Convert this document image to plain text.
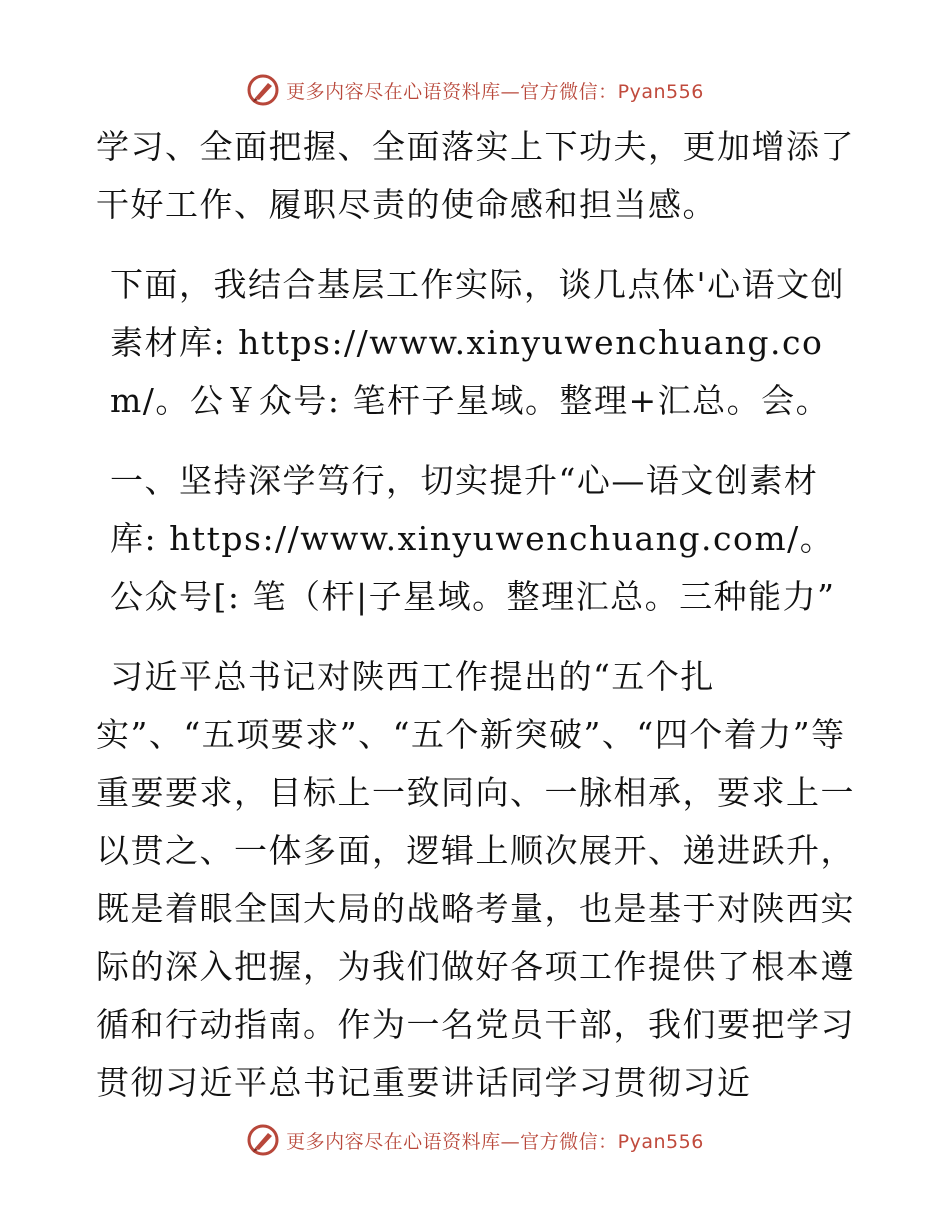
更多内容尽在心语资料库—官方微信：Pyan556

学习、全面把握、全面落实上下功夫，更加增添了干好工作、履职尽责的使命感和担当感。

下面，我结合基层工作实际，谈几点体'心语文创素材库: https://www.xinyuwenchuang.com/。公￥众号: 笔杆子星域。整理+汇总。会。

一、坚持深学笃行，切实提升“心—语文创素材库: https://www.xinyuwenchuang.com/。公众号[: 笔（杆|子星域。整理汇总。三种能力”

习近平总书记对陕西工作提出的“五个扎

实”、“五项要求”、“五个新突破”、“四个着力”等重要要求，目标上一致同向、一脉相承，要求上一以贯之、一体多面，逻辑上顺次展开、递进跃升，既是着眼全国大局的战略考量，也是基于对陕西实际的深入把握，为我们做好各项工作提供了根本遵循和行动指南。作为一名党员干部，我们要把学习贯彻习近平总书记重要讲话同学习贯彻习近

更多内容尽在心语资料库—官方微信：Pyan556
